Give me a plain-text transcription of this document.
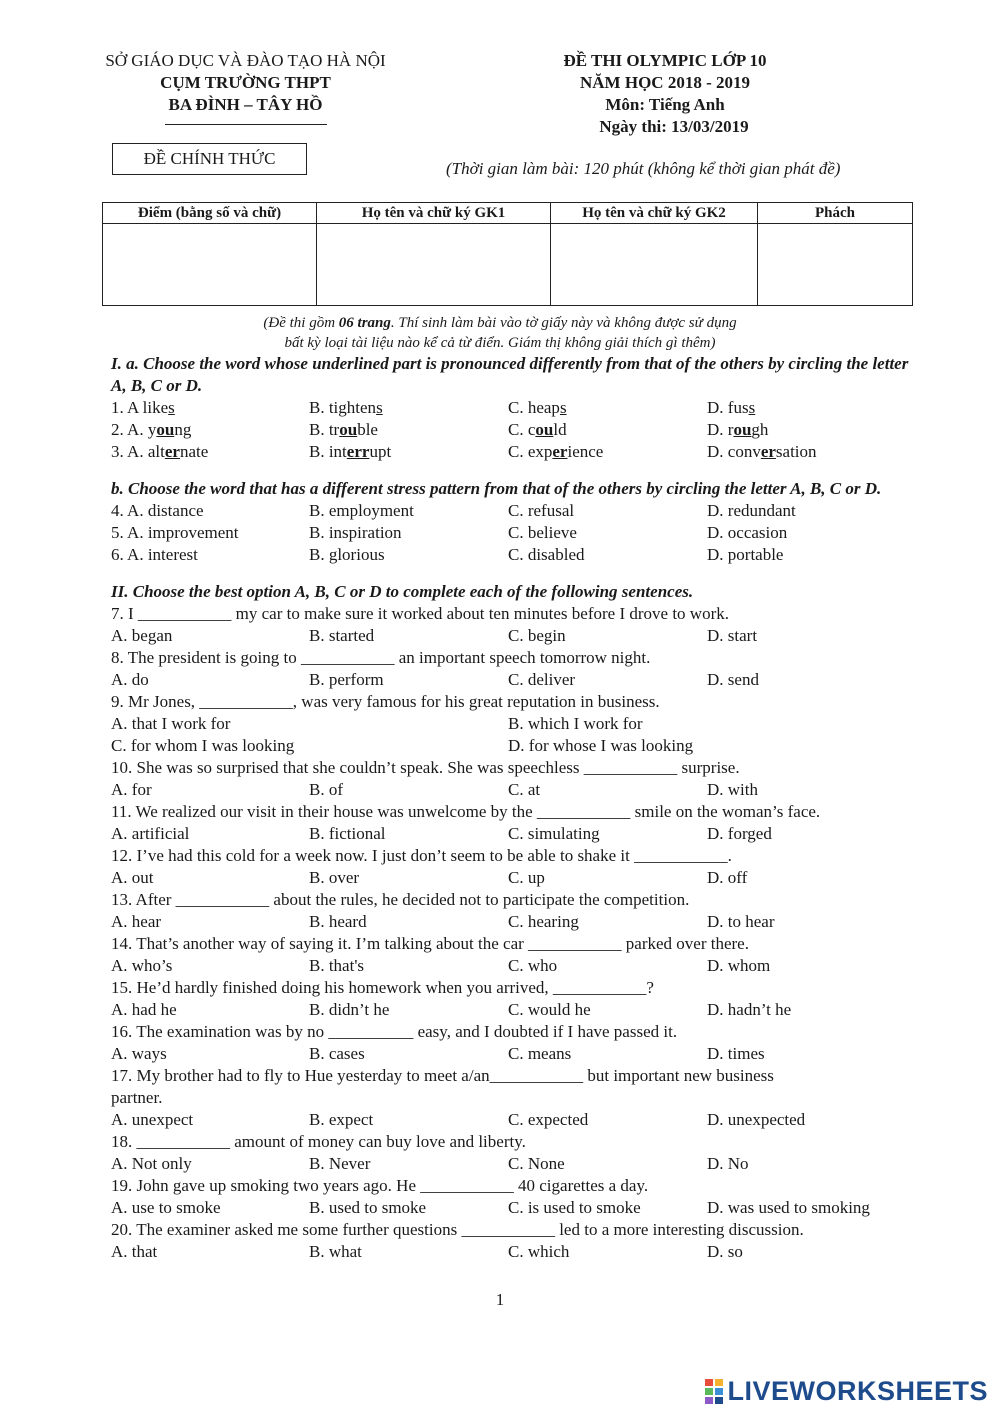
SỞ GIÁO DỤC VÀ ĐÀO TẠO HÀ NỘI
CỤM TRƯỜNG THPT
BA ĐÌNH – TÂY HỒ
ĐỀ THI OLYMPIC LỚP 10
NĂM HỌC 2018 - 2019
Môn: Tiếng Anh
Ngày thi: 13/03/2019
ĐỀ CHÍNH THỨC
(Thời gian làm bài: 120 phút (không kể thời gian phát đề)
Điểm (bằng số và chữ)	Họ tên và chữ ký GK1	Họ tên và chữ ký GK2	Phách

(Đề thi gồm 06 trang. Thí sinh làm bài vào tờ giấy này và không được sử dụng
bất kỳ loại tài liệu nào kể cả từ điển. Giám thị không giải thích gì thêm)
I. a. Choose the word whose underlined part is pronounced differently from that of the others by circling the letter A, B, C or D.
1. A likes	B. tightens	C. heaps	D. fuss
2. A. young	B. trouble	C. could	D. rough
3. A. alternate	B. interrupt	C. experience	D. conversation
b. Choose the word that has a different stress pattern from that of the others by circling the letter A, B, C or D.
4. A. distance	B. employment	C. refusal	D. redundant
5. A. improvement	B. inspiration	C. believe	D. occasion
6. A. interest	B. glorious	C. disabled	D. portable
II. Choose the best option A, B, C or D to complete each of the following sentences.
7. I ___________ my car to make sure it worked about ten minutes before I drove to work.
A. began	B. started	C. begin	D. start
8. The president is going to ___________ an important speech tomorrow night.
A. do	B. perform	C. deliver	D. send
9. Mr Jones, ___________, was very famous for his great reputation in business.
A. that I work for	B. which I work for
C. for whom I was looking	D. for whose I was looking
10. She was so surprised that she couldn’t speak. She was speechless ___________ surprise.
A. for	B. of	C. at	D. with
11. We realized our visit in their house was unwelcome by the ___________ smile on the woman’s face.
A. artificial	B. fictional	C. simulating	D. forged
12. I’ve had this cold for a week now. I just don’t seem to be able to shake it ___________.
A. out	B. over	C. up	D. off
13. After ___________ about the rules, he decided not to participate the competition.
A. hear	B. heard	C. hearing	D. to hear
14. That’s another way of saying it. I’m talking about the car ___________ parked over there.
A. who’s	B. that's	C. who	D. whom
15. He’d hardly finished doing his homework when you arrived, ___________?
A. had he	B. didn’t he	C. would he	D. hadn’t he
16. The examination was by no __________ easy, and I doubted if I have passed it.
A. ways	B. cases	C. means	D. times
17. My brother had to fly to Hue yesterday to meet a/an___________ but important new business
partner.
A. unexpect	B. expect	C. expected	D. unexpected
18. ___________ amount of money can buy love and liberty.
A. Not only	B. Never	C. None	D. No
19. John gave up smoking two years ago. He ___________ 40 cigarettes a day.
A. use to smoke	B. used to smoke	C. is used to smoke	D. was used to smoking
20. The examiner asked me some further questions ___________ led to a more interesting discussion.
A. that	B. what	C. which	D. so
1
LIVEWORKSHEETS
